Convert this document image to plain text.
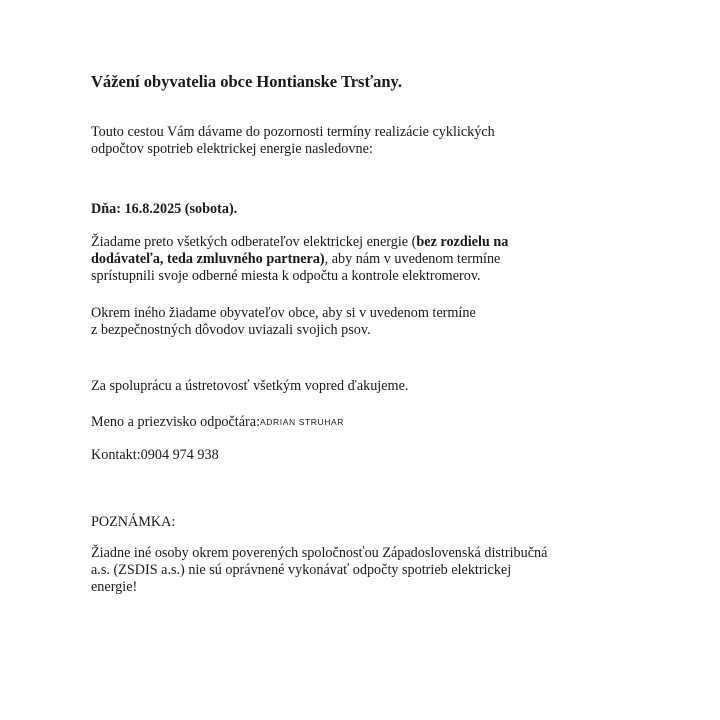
Vážení obyvatelia obce Hontianske Trsťany.

Touto cestou Vám dávame do pozornosti termíny realizácie cyklických
odpočtov spotrieb elektrickej energie nasledovne:

Dňa: 16.8.2025 (sobota).

Žiadame preto všetkých odberateľov elektrickej energie (bez rozdielu na
dodávateľa, teda zmluvného partnera), aby nám v uvedenom termíne
sprístupnili svoje odberné miesta k odpočtu a kontrole elektromerov.

Okrem iného žiadame obyvateľov obce, aby si v uvedenom termíne
z bezpečnostných dôvodov uviazali svojich psov.

Za spoluprácu a ústretovosť všetkým vopred ďakujeme.

Meno a priezvisko odpočtára:ADRIAN STRUHAR

Kontakt:0904 974 938

POZNÁMKA:

Žiadne iné osoby okrem poverených spoločnosťou Západoslovenská distribučná
a.s. (ZSDIS a.s.) nie sú oprávnené vykonávať odpočty spotrieb elektrickej
energie!
